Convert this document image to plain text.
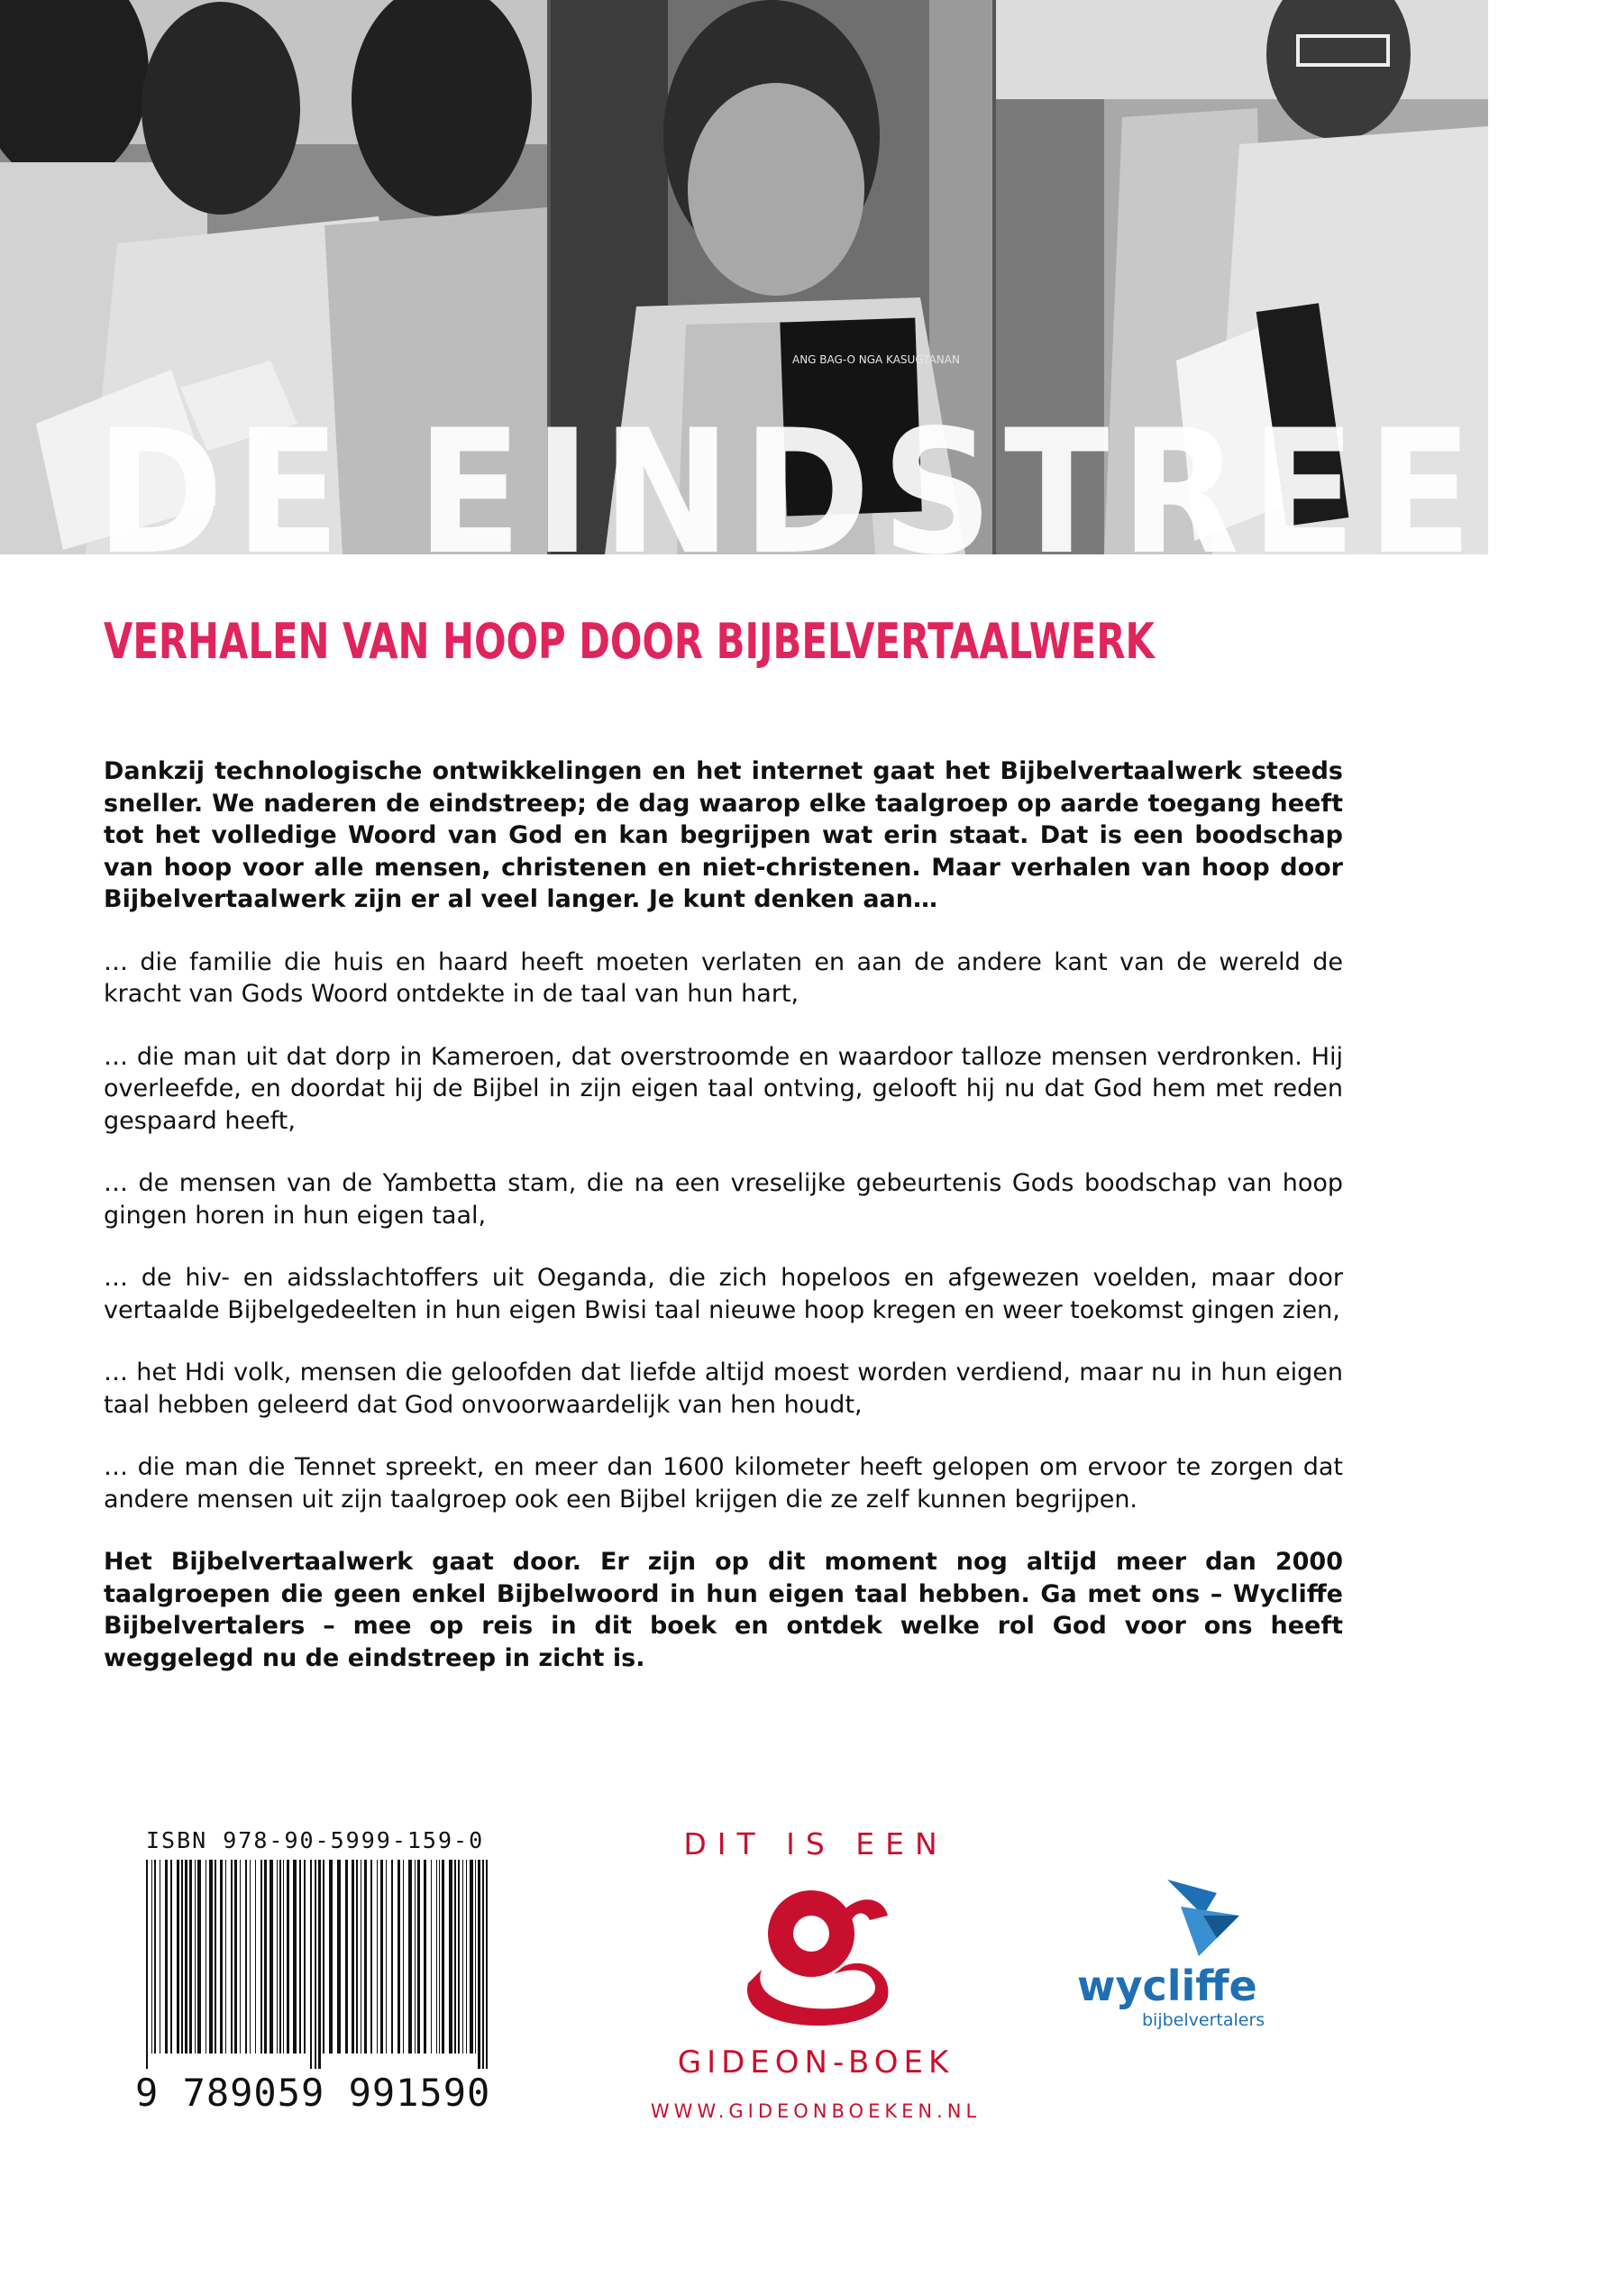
ANG BAG-O NGA KASUGTANAN
DE EINDSTREEP
VERHALEN VAN HOOP DOOR BIJBELVERTAALWERK

Dankzij technologische ontwikkelingen en het internet gaat het Bijbelvertaalwerk steeds sneller. We naderen de eindstreep; de dag waarop elke taalgroep op aarde toegang heeft tot het volledige Woord van God en kan begrijpen wat erin staat. Dat is een boodschap van hoop voor alle mensen, christenen en niet-christenen. Maar verhalen van hoop door Bijbelvertaalwerk zijn er al veel langer. Je kunt denken aan…

… die familie die huis en haard heeft moeten verlaten en aan de andere kant van de wereld de kracht van Gods Woord ontdekte in de taal van hun hart,

… die man uit dat dorp in Kameroen, dat overstroomde en waardoor talloze mensen verdronken. Hij overleefde, en doordat hij de Bijbel in zijn eigen taal ontving, gelooft hij nu dat God hem met reden gespaard heeft,

… de mensen van de Yambetta stam, die na een vreselijke gebeurtenis Gods boodschap van hoop gingen horen in hun eigen taal,

… de hiv- en aidsslachtoffers uit Oeganda, die zich hopeloos en afgewezen voelden, maar door vertaalde Bijbelgedeelten in hun eigen Bwisi taal nieuwe hoop kregen en weer toekomst gingen zien,

… het Hdi volk, mensen die geloofden dat liefde altijd moest worden verdiend, maar nu in hun eigen taal hebben geleerd dat God onvoorwaardelijk van hen houdt,

… die man die Tennet spreekt, en meer dan 1600 kilometer heeft gelopen om ervoor te zorgen dat andere mensen uit zijn taalgroep ook een Bijbel krijgen die ze zelf kunnen begrijpen.

Het Bijbelvertaalwerk gaat door. Er zijn op dit moment nog altijd meer dan 2000 taalgroepen die geen enkel Bijbelwoord in hun eigen taal hebben. Ga met ons – Wycliffe Bijbelvertalers – mee op reis in dit boek en ontdek welke rol God voor ons heeft weggelegd nu de eindstreep in zicht is.

ISBN 978-90-5999-159-0
9 789059 991590
DIT IS EEN
GIDEON-BOEK
WWW.GIDEONBOEKEN.NL
wycliffe
bijbelvertalers
